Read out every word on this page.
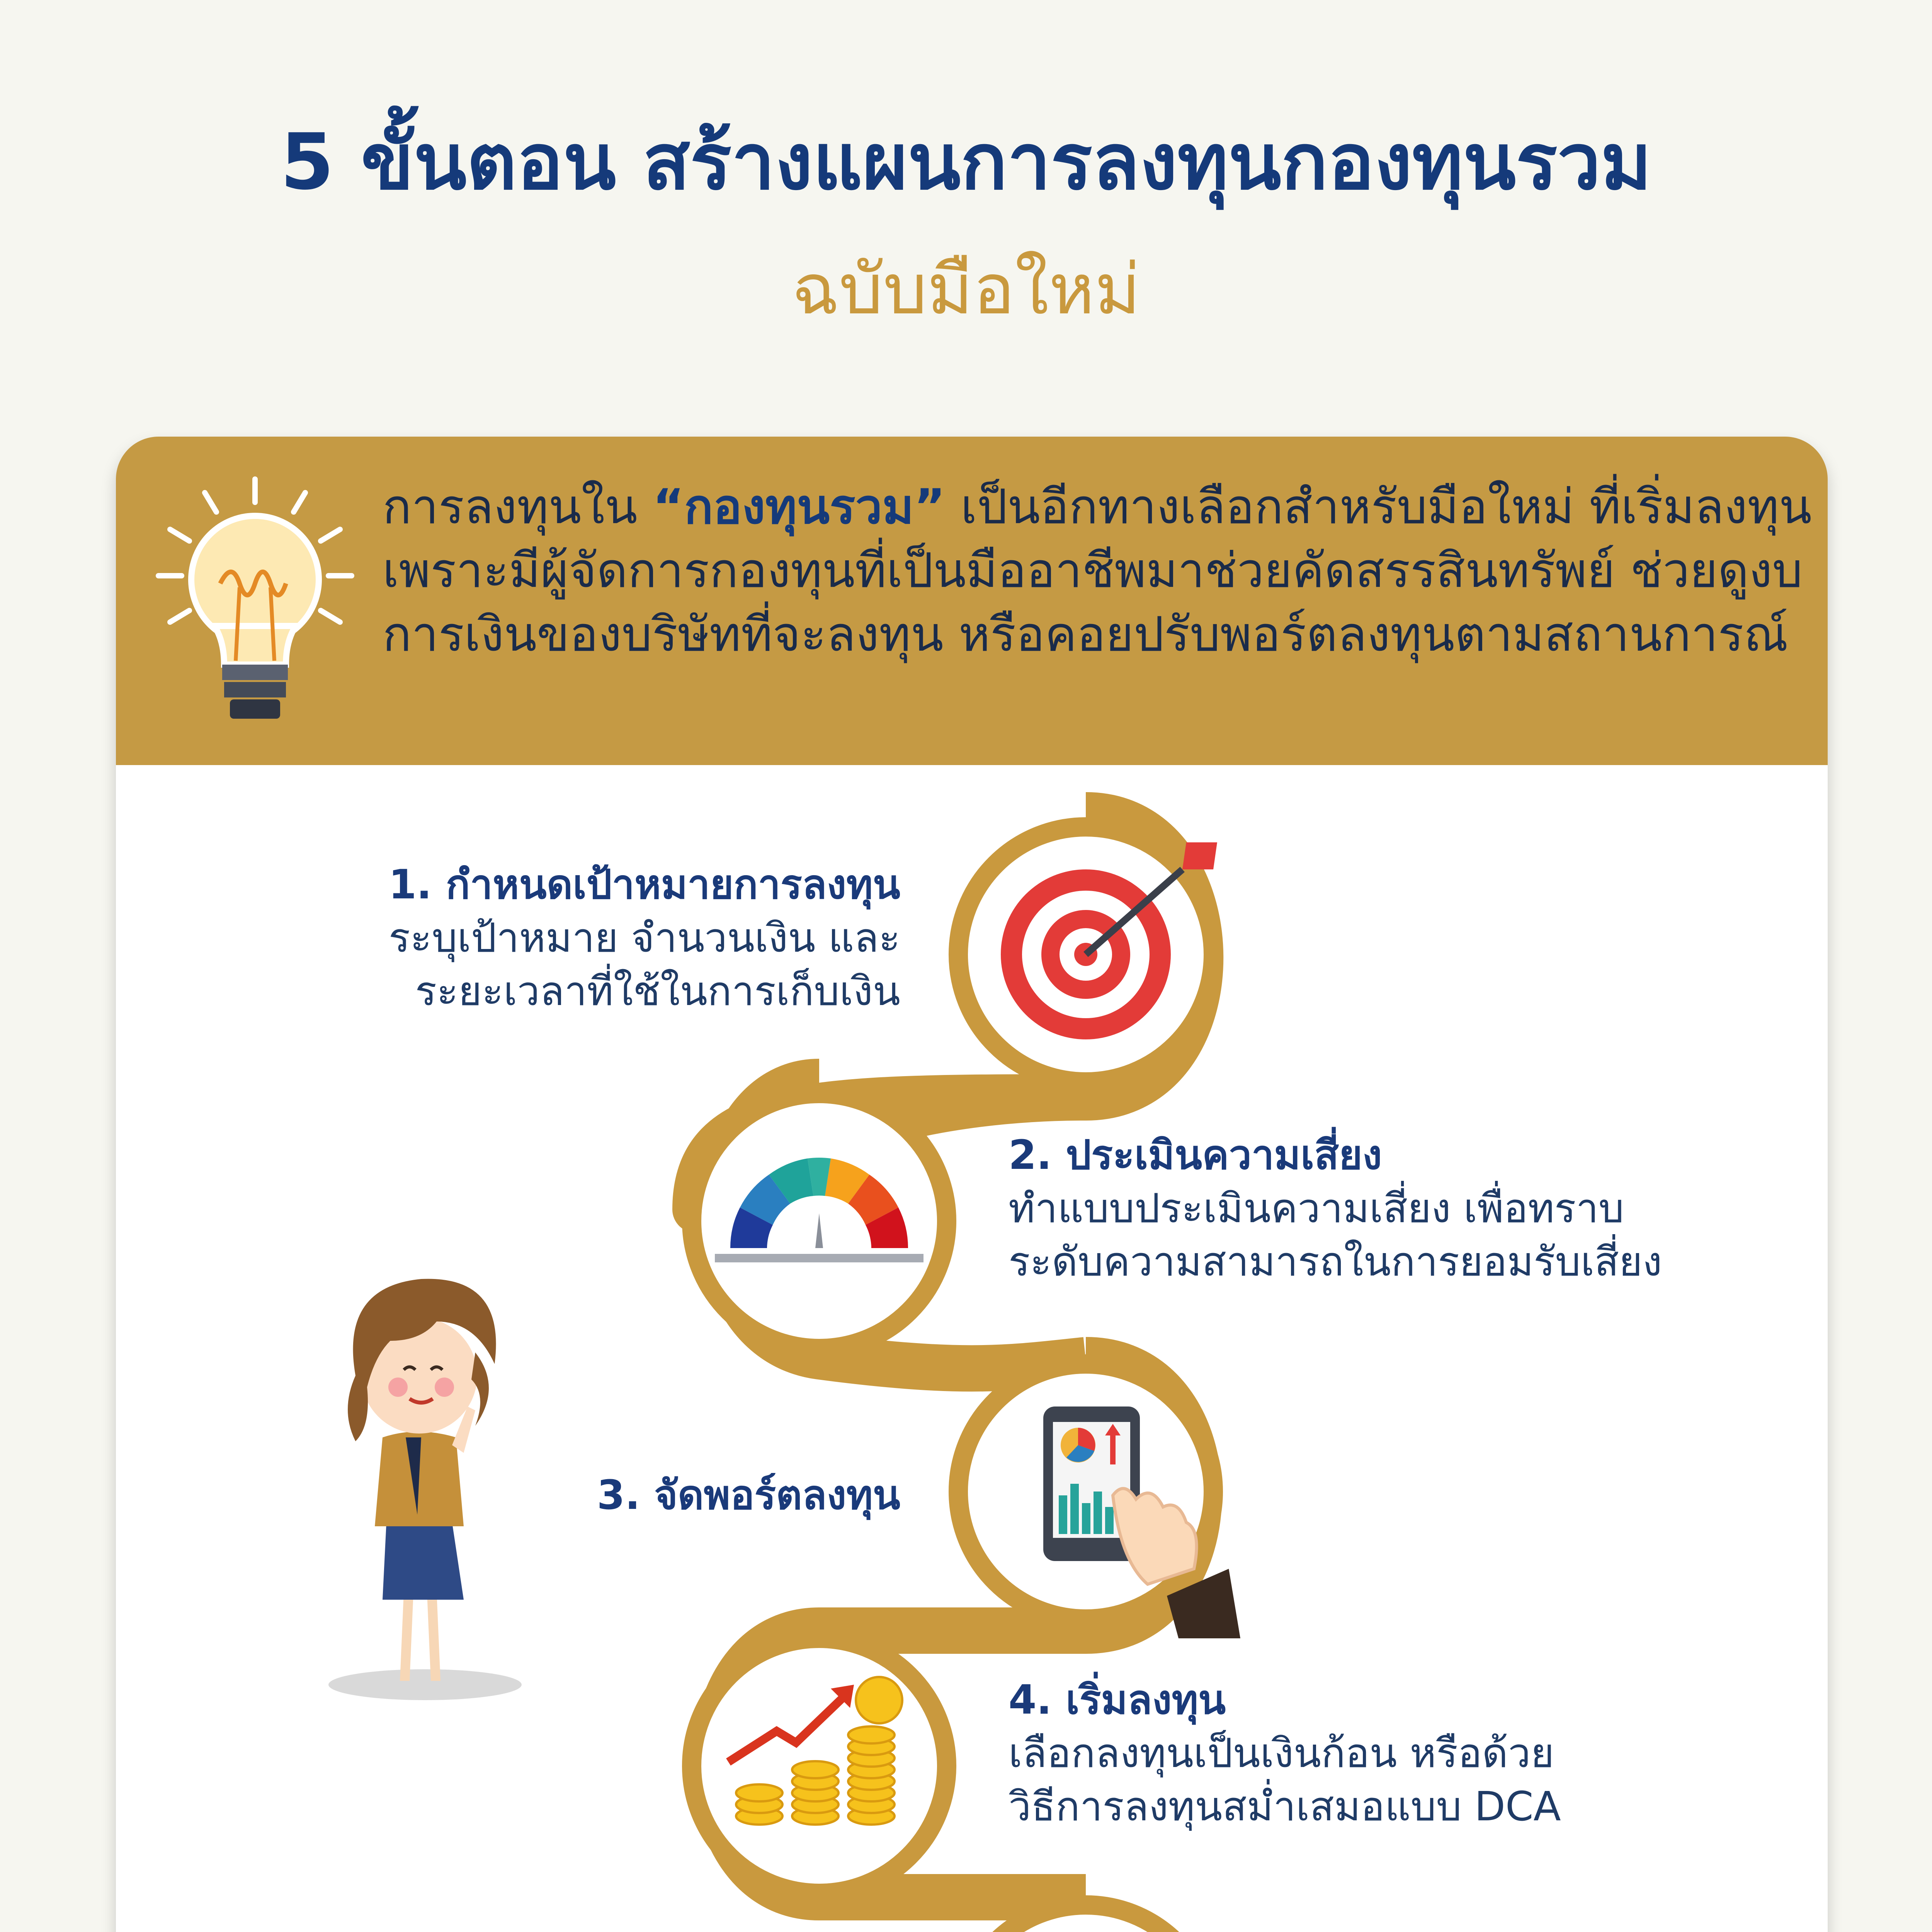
5 ขั้นตอน สร้างแผนการลงทุนกองทุนรวม
ฉบับมือใหม่
การลงทุนใน “กองทุนรวม” เป็นอีกทางเลือกสำหรับมือใหม่ ที่เริ่มลงทุน เพราะมีผู้จัดการกองทุนที่เป็นมืออาชีพมาช่วยคัดสรรสินทรัพย์ ช่วยดูงบการเงินของบริษัทที่จะลงทุน หรือคอยปรับพอร์ตลงทุนตามสถานการณ์
1. กำหนดเป้าหมายการลงทุน
ระบุเป้าหมาย จำนวนเงิน และ
ระยะเวลาที่ใช้ในการเก็บเงิน
2. ประเมินความเสี่ยง
ทำแบบประเมินความเสี่ยง เพื่อทราบ
ระดับความสามารถในการยอมรับเสี่ยง
3. จัดพอร์ตลงทุน
4. เริ่มลงทุน
เลือกลงทุนเป็นเงินก้อน หรือด้วย
วิธีการลงทุนสม่ำเสมอแบบ DCA
